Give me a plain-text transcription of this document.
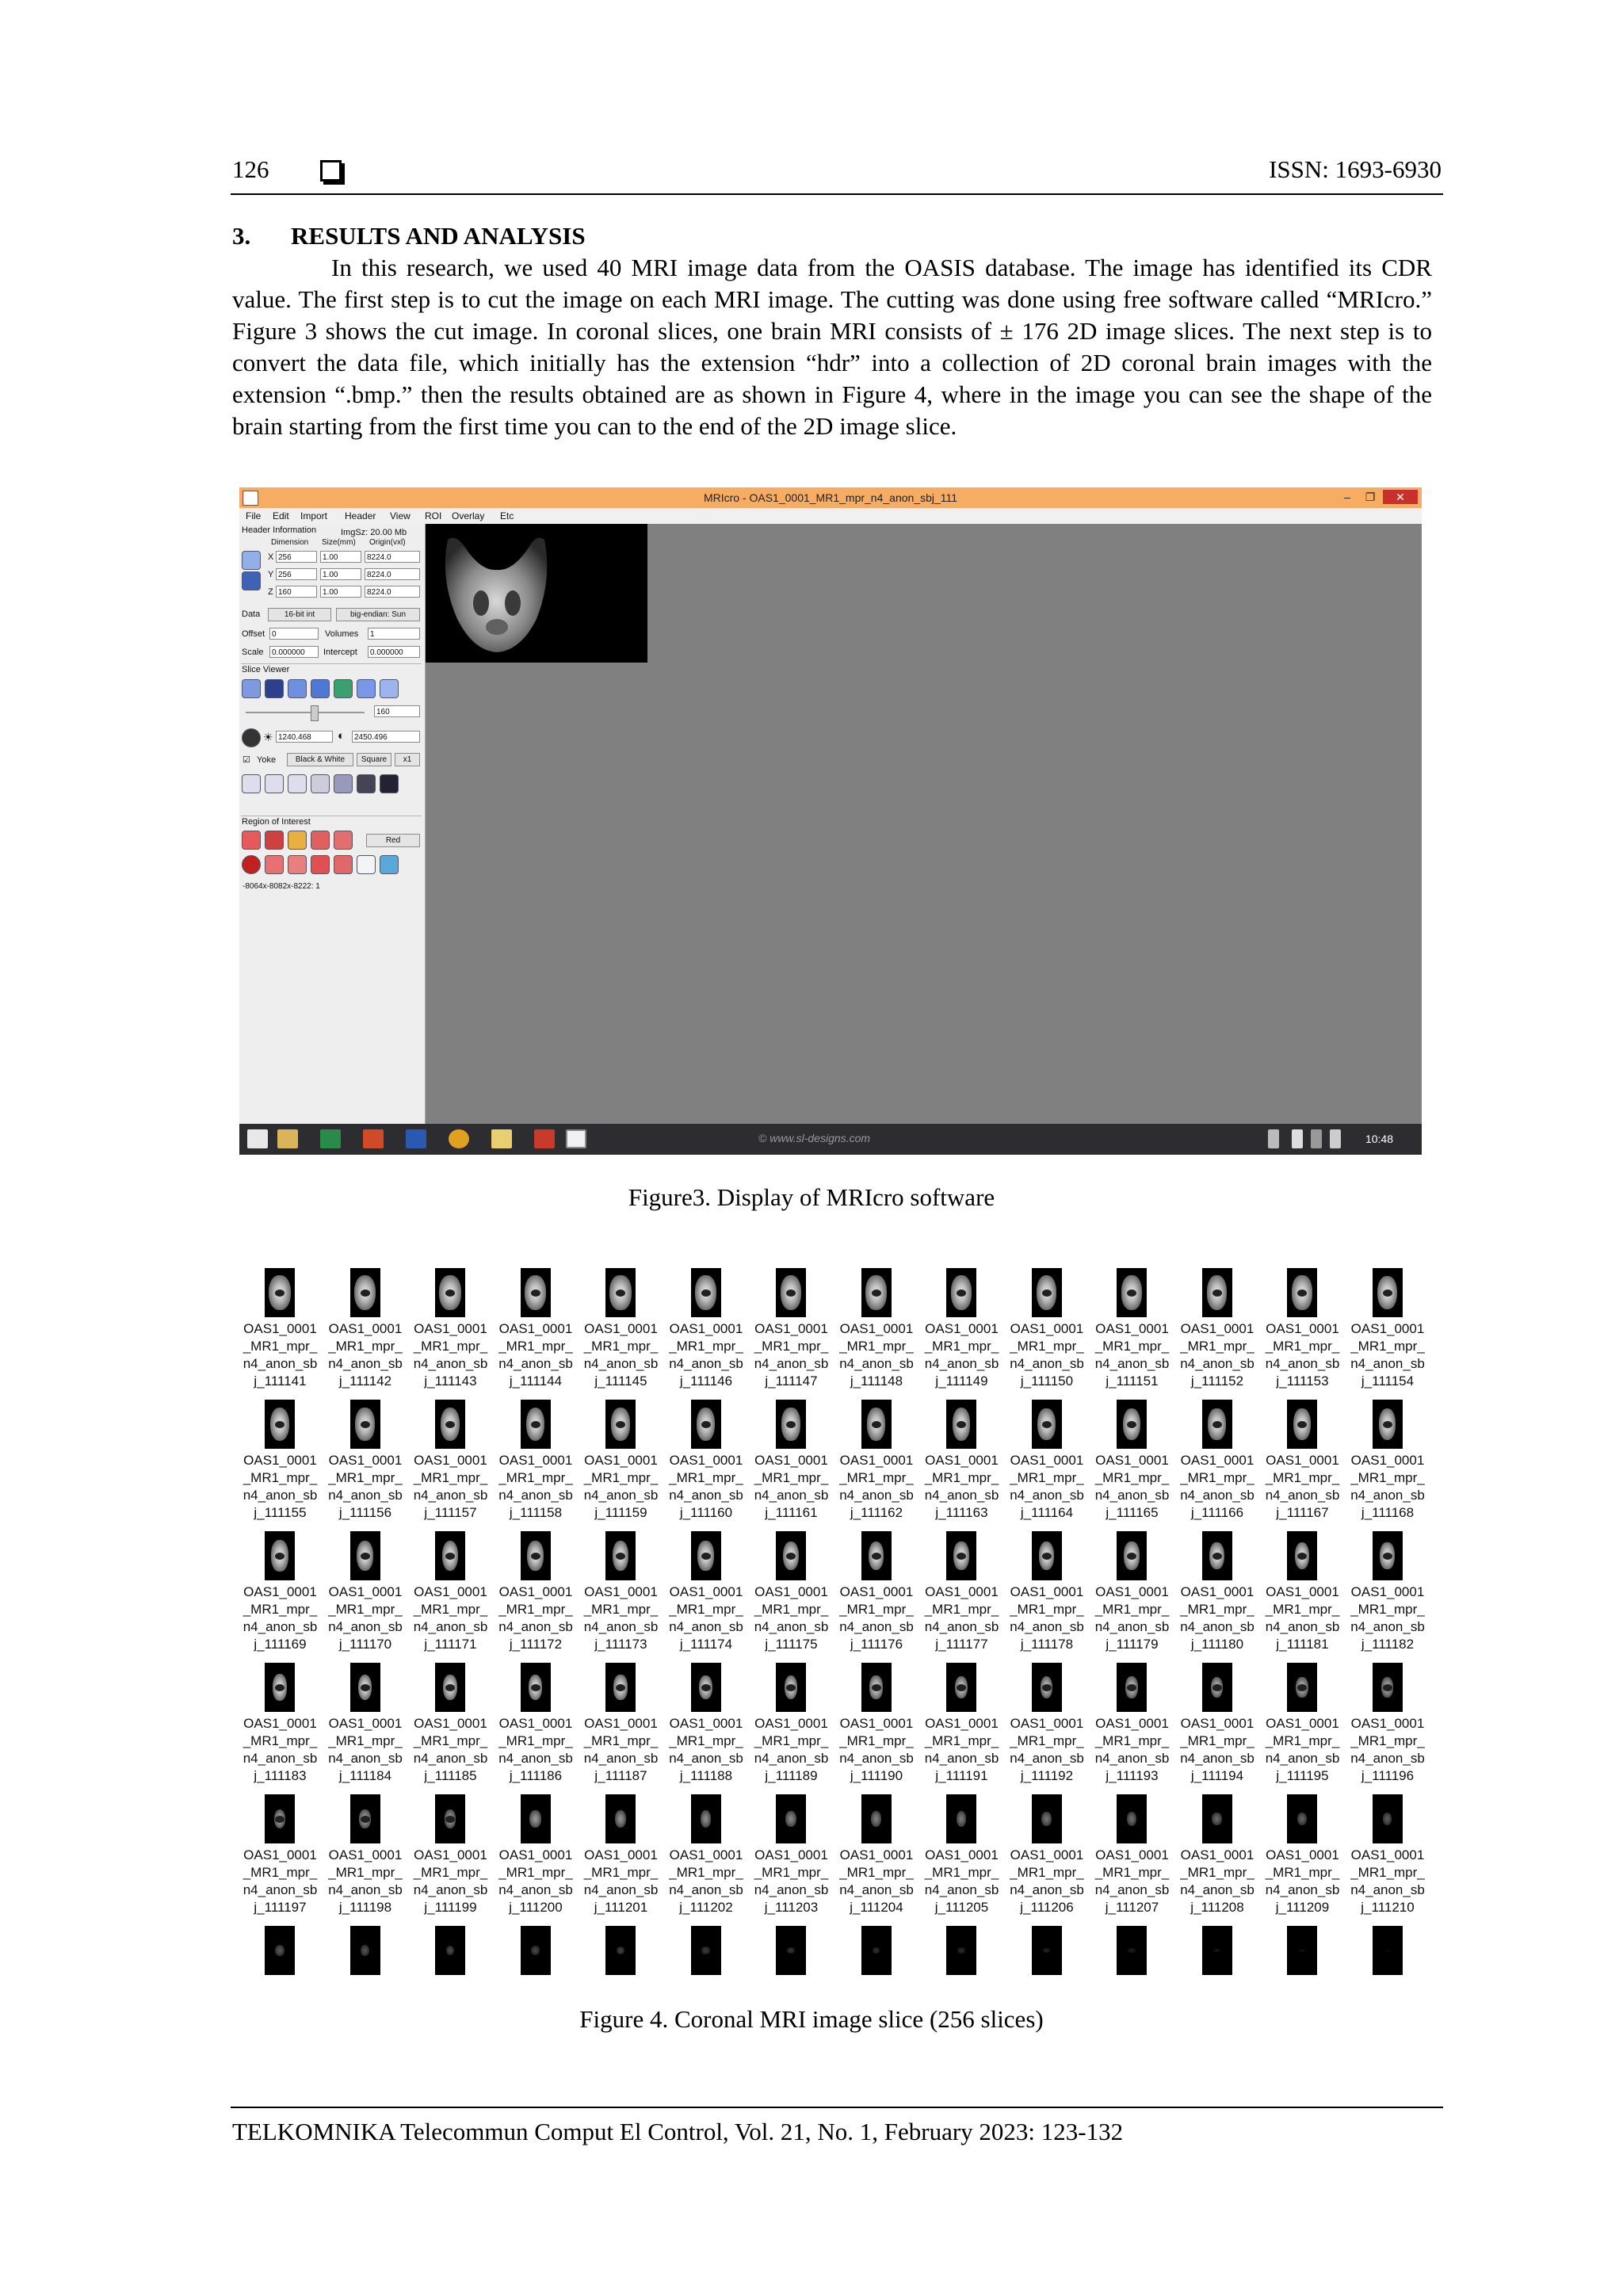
126	ISSN: 1693-6930
3. RESULTS AND ANALYSIS

In this research, we used 40 MRI image data from the OASIS database. The image has identified its CDR value. The first step is to cut the image on each MRI image. The cutting was done using free software called “MRIcro.” Figure 3 shows the cut image. In coronal slices, one brain MRI consists of ± 176 2D image slices. The next step is to convert the data file, which initially has the extension “hdr” into a collection of 2D coronal brain images with the extension “.bmp.” then the results obtained are as shown in Figure 4, where in the image you can see the shape of the brain starting from the first time you can to the end of the 2D image slice.

MRIcro - OAS1_0001_MR1_mpr_n4_anon_sbj_111	–	❐	✕
File Edit Import Header View ROI Overlay Etc
Header Information	ImgSz: 20.00 Mb
Dimension Size(mm) Origin(vxl)
X 256	1.00	8224.0
Y 256	1.00	8224.0
Z 160	1.00	8224.0
Data	16-bit int	big-endian: Sun
Offset 0	Volumes	1
Scale	0.000000	Intercept	0.000000
Slice Viewer
160
☀ 1240.468	◐	2450.496
☑ Yoke	Black & White	Square	x1
Region of Interest
Red
-8064x-8082x-8222: 1
© www.sl-designs.com	10:48
Figure3. Display of MRIcro software
OAS1_0001
_MR1_mpr_
n4_anon_sb
j_111141
OAS1_0001
_MR1_mpr_
n4_anon_sb
j_111142
OAS1_0001
_MR1_mpr_
n4_anon_sb
j_111143
OAS1_0001
_MR1_mpr_
n4_anon_sb
j_111144
OAS1_0001
_MR1_mpr_
n4_anon_sb
j_111145
OAS1_0001
_MR1_mpr_
n4_anon_sb
j_111146
OAS1_0001
_MR1_mpr_
n4_anon_sb
j_111147
OAS1_0001
_MR1_mpr_
n4_anon_sb
j_111148
OAS1_0001
_MR1_mpr_
n4_anon_sb
j_111149
OAS1_0001
_MR1_mpr_
n4_anon_sb
j_111150
OAS1_0001
_MR1_mpr_
n4_anon_sb
j_111151
OAS1_0001
_MR1_mpr_
n4_anon_sb
j_111152
OAS1_0001
_MR1_mpr_
n4_anon_sb
j_111153
OAS1_0001
_MR1_mpr_
n4_anon_sb
j_111154
OAS1_0001
_MR1_mpr_
n4_anon_sb
j_111155
OAS1_0001
_MR1_mpr_
n4_anon_sb
j_111156
OAS1_0001
_MR1_mpr_
n4_anon_sb
j_111157
OAS1_0001
_MR1_mpr_
n4_anon_sb
j_111158
OAS1_0001
_MR1_mpr_
n4_anon_sb
j_111159
OAS1_0001
_MR1_mpr_
n4_anon_sb
j_111160
OAS1_0001
_MR1_mpr_
n4_anon_sb
j_111161
OAS1_0001
_MR1_mpr_
n4_anon_sb
j_111162
OAS1_0001
_MR1_mpr_
n4_anon_sb
j_111163
OAS1_0001
_MR1_mpr_
n4_anon_sb
j_111164
OAS1_0001
_MR1_mpr_
n4_anon_sb
j_111165
OAS1_0001
_MR1_mpr_
n4_anon_sb
j_111166
OAS1_0001
_MR1_mpr_
n4_anon_sb
j_111167
OAS1_0001
_MR1_mpr_
n4_anon_sb
j_111168
OAS1_0001
_MR1_mpr_
n4_anon_sb
j_111169
OAS1_0001
_MR1_mpr_
n4_anon_sb
j_111170
OAS1_0001
_MR1_mpr_
n4_anon_sb
j_111171
OAS1_0001
_MR1_mpr_
n4_anon_sb
j_111172
OAS1_0001
_MR1_mpr_
n4_anon_sb
j_111173
OAS1_0001
_MR1_mpr_
n4_anon_sb
j_111174
OAS1_0001
_MR1_mpr_
n4_anon_sb
j_111175
OAS1_0001
_MR1_mpr_
n4_anon_sb
j_111176
OAS1_0001
_MR1_mpr_
n4_anon_sb
j_111177
OAS1_0001
_MR1_mpr_
n4_anon_sb
j_111178
OAS1_0001
_MR1_mpr_
n4_anon_sb
j_111179
OAS1_0001
_MR1_mpr_
n4_anon_sb
j_111180
OAS1_0001
_MR1_mpr_
n4_anon_sb
j_111181
OAS1_0001
_MR1_mpr_
n4_anon_sb
j_111182
OAS1_0001
_MR1_mpr_
n4_anon_sb
j_111183
OAS1_0001
_MR1_mpr_
n4_anon_sb
j_111184
OAS1_0001
_MR1_mpr_
n4_anon_sb
j_111185
OAS1_0001
_MR1_mpr_
n4_anon_sb
j_111186
OAS1_0001
_MR1_mpr_
n4_anon_sb
j_111187
OAS1_0001
_MR1_mpr_
n4_anon_sb
j_111188
OAS1_0001
_MR1_mpr_
n4_anon_sb
j_111189
OAS1_0001
_MR1_mpr_
n4_anon_sb
j_111190
OAS1_0001
_MR1_mpr_
n4_anon_sb
j_111191
OAS1_0001
_MR1_mpr_
n4_anon_sb
j_111192
OAS1_0001
_MR1_mpr_
n4_anon_sb
j_111193
OAS1_0001
_MR1_mpr_
n4_anon_sb
j_111194
OAS1_0001
_MR1_mpr_
n4_anon_sb
j_111195
OAS1_0001
_MR1_mpr_
n4_anon_sb
j_111196
OAS1_0001
_MR1_mpr_
n4_anon_sb
j_111197
OAS1_0001
_MR1_mpr_
n4_anon_sb
j_111198
OAS1_0001
_MR1_mpr_
n4_anon_sb
j_111199
OAS1_0001
_MR1_mpr_
n4_anon_sb
j_111200
OAS1_0001
_MR1_mpr_
n4_anon_sb
j_111201
OAS1_0001
_MR1_mpr_
n4_anon_sb
j_111202
OAS1_0001
_MR1_mpr_
n4_anon_sb
j_111203
OAS1_0001
_MR1_mpr_
n4_anon_sb
j_111204
OAS1_0001
_MR1_mpr_
n4_anon_sb
j_111205
OAS1_0001
_MR1_mpr_
n4_anon_sb
j_111206
OAS1_0001
_MR1_mpr_
n4_anon_sb
j_111207
OAS1_0001
_MR1_mpr_
n4_anon_sb
j_111208
OAS1_0001
_MR1_mpr_
n4_anon_sb
j_111209
OAS1_0001
_MR1_mpr_
n4_anon_sb
j_111210
Figure 4. Coronal MRI image slice (256 slices)
TELKOMNIKA Telecommun Comput El Control, Vol. 21, No. 1, February 2023: 123-132
